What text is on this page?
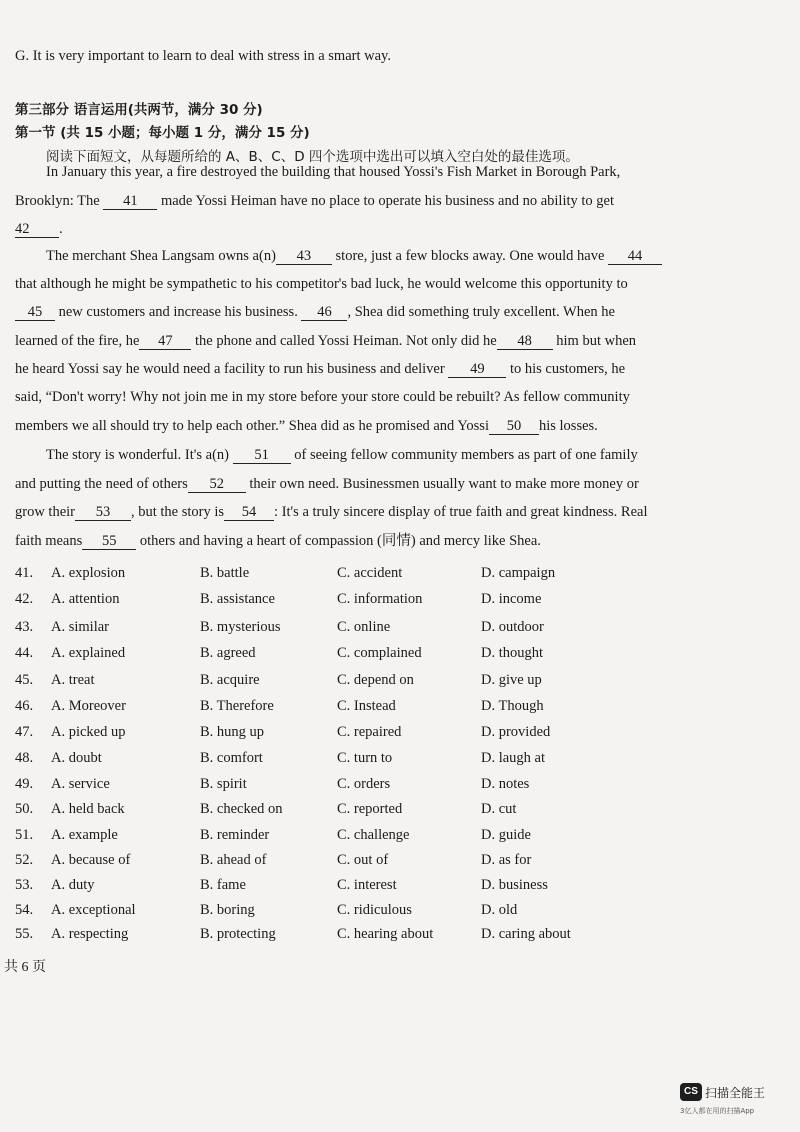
G. It is very important to learn to deal with stress in a smart way.
第三部分 语言运用(共两节，满分 30 分)
第一节 (共 15 小题；每小题 1 分，满分 15 分)
阅读下面短文，从每题所给的 A、B、C、D 四个选项中选出可以填入空白处的最佳选项。
In January this year, a fire destroyed the building that housed Yossi's Fish Market in Borough Park,
Brooklyn: The 41 made Yossi Heiman have no place to operate his business and no ability to get
42 .
The merchant Shea Langsam owns a(n) 43 store, just a few blocks away. One would have 44
that although he might be sympathetic to his competitor's bad luck, he would welcome this opportunity to
45 new customers and increase his business. 46 , Shea did something truly excellent. When he
learned of the fire, he 47 the phone and called Yossi Heiman. Not only did he 48 him but when
he heard Yossi say he would need a facility to run his business and deliver 49 to his customers, he
said, “Don't worry! Why not join me in my store before your store could be rebuilt? As fellow community
members we all should try to help each other.” Shea did as he promised and Yossi 50 his losses.
The story is wonderful. It's a(n) 51 of seeing fellow community members as part of one family
and putting the need of others 52 their own need. Businessmen usually want to make more money or
grow their 53 , but the story is 54 : It's a truly sincere display of true faith and great kindness. Real
faith means 55 others and having a heart of compassion (同情) and mercy like Shea.
41. A. explosion	B. battle	C. accident	D. campaign
42. A. attention	B. assistance	C. information	D. income
43. A. similar	B. mysterious	C. online	D. outdoor
44. A. explained	B. agreed	C. complained	D. thought
45. A. treat	B. acquire	C. depend on	D. give up
46. A. Moreover	B. Therefore	C. Instead	D. Though
47. A. picked up	B. hung up	C. repaired	D. provided
48. A. doubt	B. comfort	C. turn to	D. laugh at
49. A. service	B. spirit	C. orders	D. notes
50. A. held back	B. checked on	C. reported	D. cut
51. A. example	B. reminder	C. challenge	D. guide
52. A. because of	B. ahead of	C. out of	D. as for
53. A. duty	B. fame	C. interest	D. business
54. A. exceptional	B. boring	C. ridiculous	D. old
55. A. respecting	B. protecting	C. hearing about	D. caring about
共 6 页
CS 扫描全能王
3亿人都在用的扫描App
